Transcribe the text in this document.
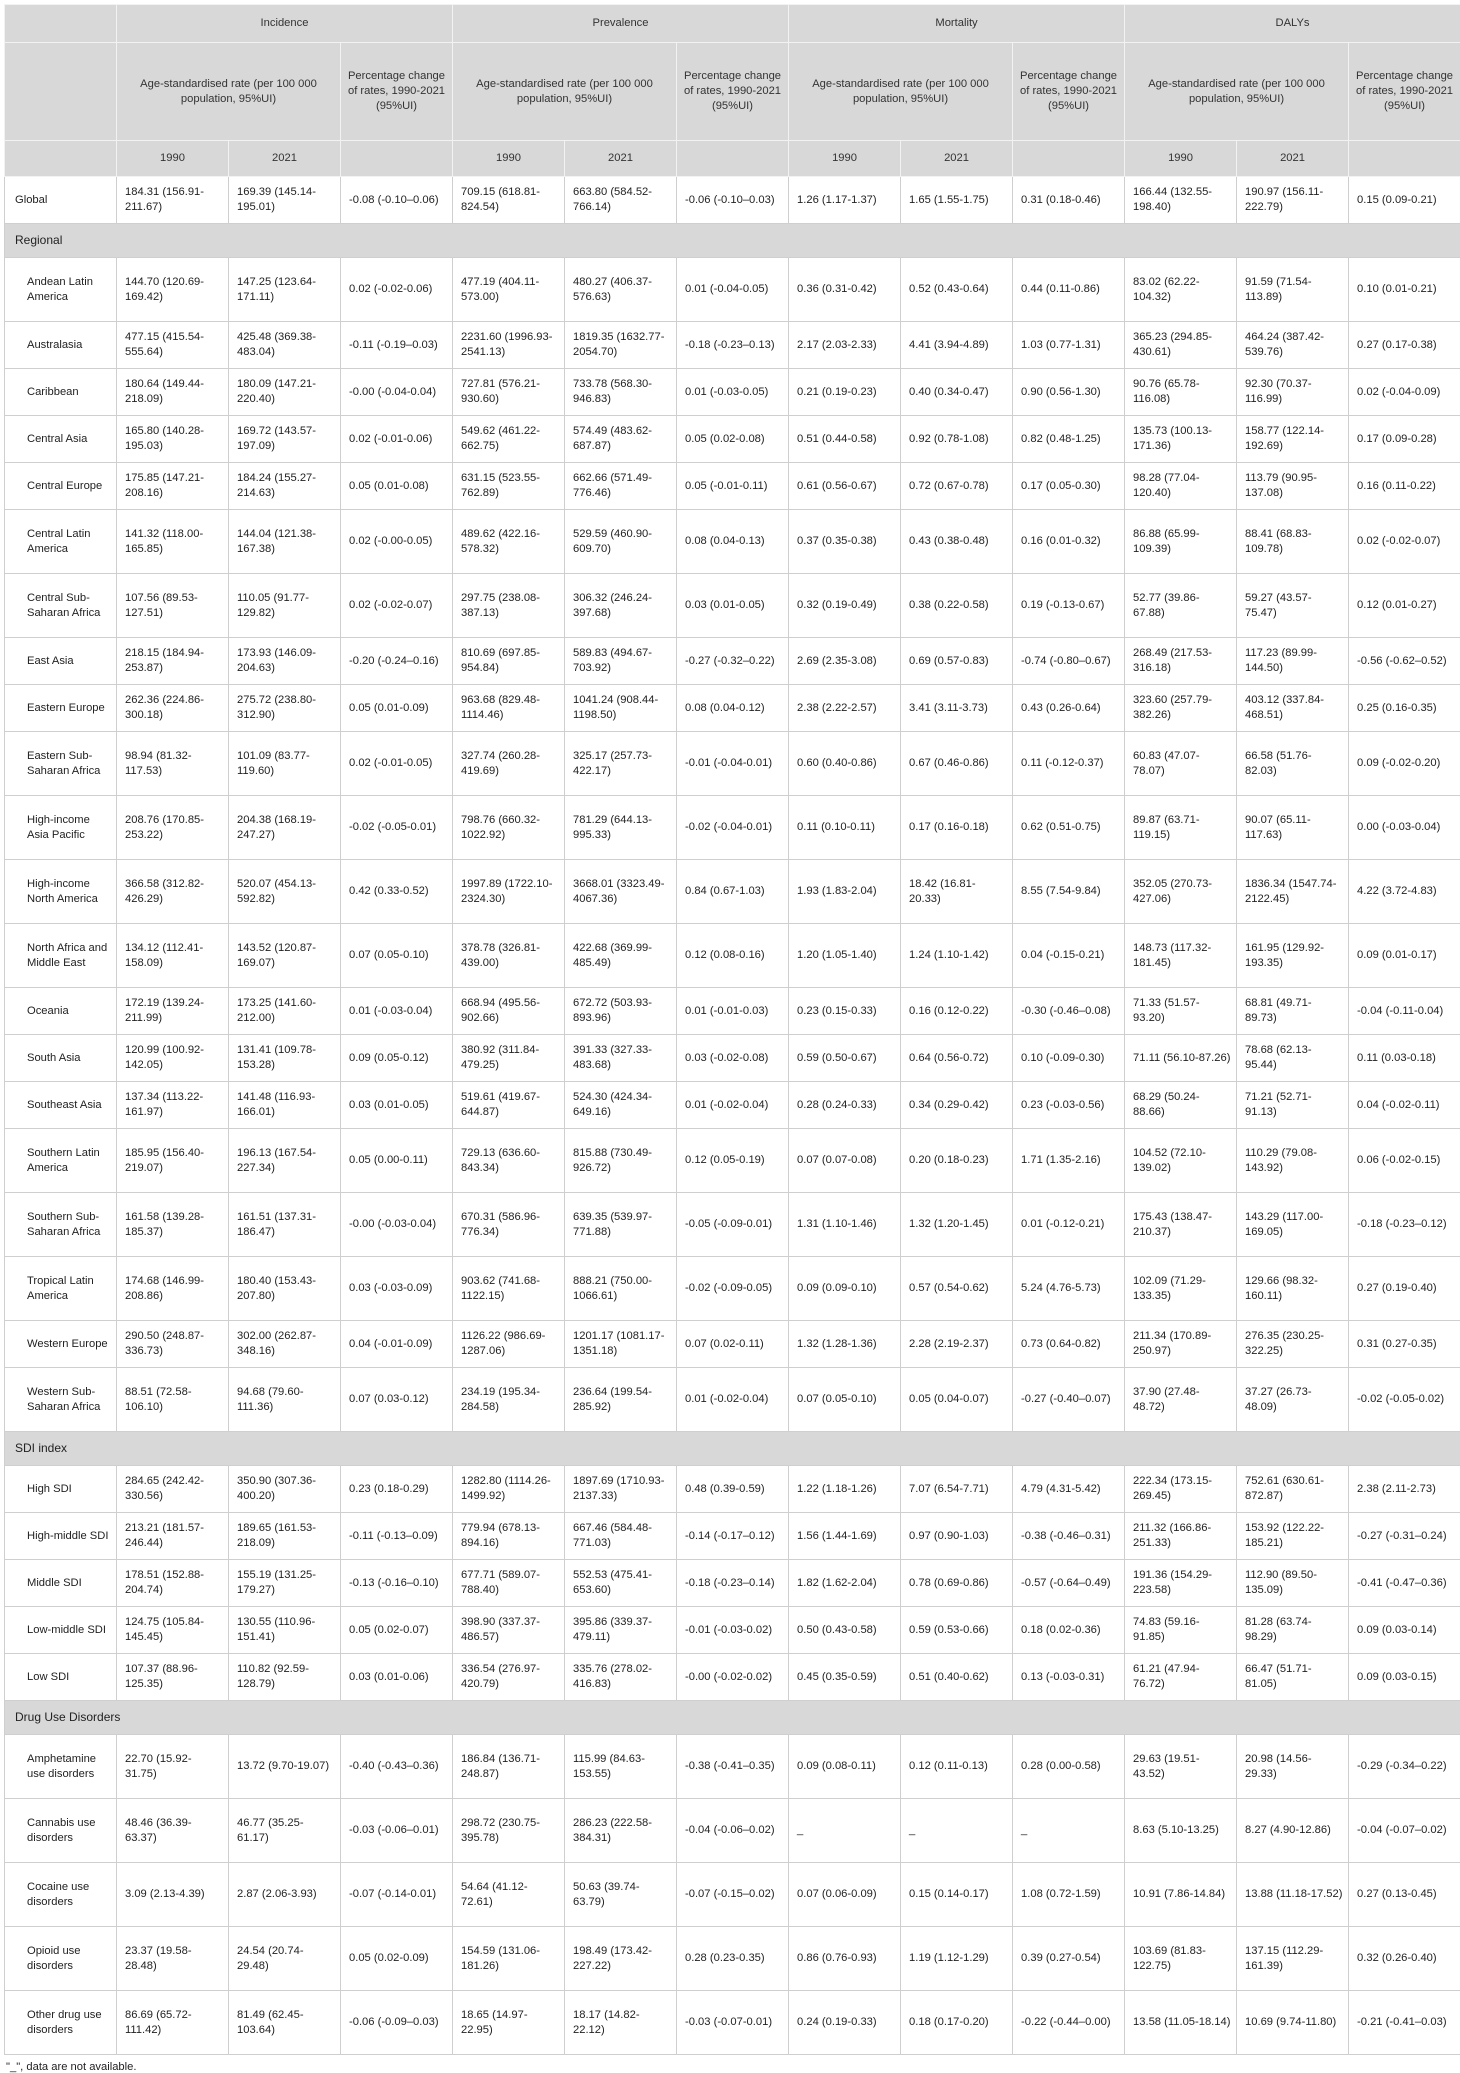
	Incidence			Prevalence			Mortality			DALYs		
	Age-standardised rate (per 100 000 population, 95%UI)		Percentage change of rates, 1990-2021 (95%UI)	Age-standardised rate (per 100 000 population, 95%UI)		Percentage change of rates, 1990-2021 (95%UI)	Age-standardised rate (per 100 000 population, 95%UI)		Percentage change of rates, 1990-2021 (95%UI)	Age-standardised rate (per 100 000 population, 95%UI)		Percentage change of rates, 1990-2021 (95%UI)
	1990	2021		1990	2021		1990	2021		1990	2021	
Global	184.31 (156.91-211.67)	169.39 (145.14-195.01)	-0.08 (-0.10–0.06)	709.15 (618.81-824.54)	663.80 (584.52-766.14)	-0.06 (-0.10–0.03)	1.26 (1.17-1.37)	1.65 (1.55-1.75)	0.31 (0.18-0.46)	166.44 (132.55-198.40)	190.97 (156.11-222.79)	0.15 (0.09-0.21)
Regional												
Andean Latin America	144.70 (120.69-169.42)	147.25 (123.64-171.11)	0.02 (-0.02-0.06)	477.19 (404.11-573.00)	480.27 (406.37-576.63)	0.01 (-0.04-0.05)	0.36 (0.31-0.42)	0.52 (0.43-0.64)	0.44 (0.11-0.86)	83.02 (62.22-104.32)	91.59 (71.54-113.89)	0.10 (0.01-0.21)
Australasia	477.15 (415.54-555.64)	425.48 (369.38-483.04)	-0.11 (-0.19–0.03)	2231.60 (1996.93-2541.13)	1819.35 (1632.77-2054.70)	-0.18 (-0.23–0.13)	2.17 (2.03-2.33)	4.41 (3.94-4.89)	1.03 (0.77-1.31)	365.23 (294.85-430.61)	464.24 (387.42-539.76)	0.27 (0.17-0.38)
Caribbean	180.64 (149.44-218.09)	180.09 (147.21-220.40)	-0.00 (-0.04-0.04)	727.81 (576.21-930.60)	733.78 (568.30-946.83)	0.01 (-0.03-0.05)	0.21 (0.19-0.23)	0.40 (0.34-0.47)	0.90 (0.56-1.30)	90.76 (65.78-116.08)	92.30 (70.37-116.99)	0.02 (-0.04-0.09)
Central Asia	165.80 (140.28-195.03)	169.72 (143.57-197.09)	0.02 (-0.01-0.06)	549.62 (461.22-662.75)	574.49 (483.62-687.87)	0.05 (0.02-0.08)	0.51 (0.44-0.58)	0.92 (0.78-1.08)	0.82 (0.48-1.25)	135.73 (100.13-171.36)	158.77 (122.14-192.69)	0.17 (0.09-0.28)
Central Europe	175.85 (147.21-208.16)	184.24 (155.27-214.63)	0.05 (0.01-0.08)	631.15 (523.55-762.89)	662.66 (571.49-776.46)	0.05 (-0.01-0.11)	0.61 (0.56-0.67)	0.72 (0.67-0.78)	0.17 (0.05-0.30)	98.28 (77.04-120.40)	113.79 (90.95-137.08)	0.16 (0.11-0.22)
Central Latin America	141.32 (118.00-165.85)	144.04 (121.38-167.38)	0.02 (-0.00-0.05)	489.62 (422.16-578.32)	529.59 (460.90-609.70)	0.08 (0.04-0.13)	0.37 (0.35-0.38)	0.43 (0.38-0.48)	0.16 (0.01-0.32)	86.88 (65.99-109.39)	88.41 (68.83-109.78)	0.02 (-0.02-0.07)
Central Sub-Saharan Africa	107.56 (89.53-127.51)	110.05 (91.77-129.82)	0.02 (-0.02-0.07)	297.75 (238.08-387.13)	306.32 (246.24-397.68)	0.03 (0.01-0.05)	0.32 (0.19-0.49)	0.38 (0.22-0.58)	0.19 (-0.13-0.67)	52.77 (39.86-67.88)	59.27 (43.57-75.47)	0.12 (0.01-0.27)
East Asia	218.15 (184.94-253.87)	173.93 (146.09-204.63)	-0.20 (-0.24–0.16)	810.69 (697.85-954.84)	589.83 (494.67-703.92)	-0.27 (-0.32–0.22)	2.69 (2.35-3.08)	0.69 (0.57-0.83)	-0.74 (-0.80–0.67)	268.49 (217.53-316.18)	117.23 (89.99-144.50)	-0.56 (-0.62–0.52)
Eastern Europe	262.36 (224.86-300.18)	275.72 (238.80-312.90)	0.05 (0.01-0.09)	963.68 (829.48-1114.46)	1041.24 (908.44-1198.50)	0.08 (0.04-0.12)	2.38 (2.22-2.57)	3.41 (3.11-3.73)	0.43 (0.26-0.64)	323.60 (257.79-382.26)	403.12 (337.84-468.51)	0.25 (0.16-0.35)
Eastern Sub-Saharan Africa	98.94 (81.32-117.53)	101.09 (83.77-119.60)	0.02 (-0.01-0.05)	327.74 (260.28-419.69)	325.17 (257.73-422.17)	-0.01 (-0.04-0.01)	0.60 (0.40-0.86)	0.67 (0.46-0.86)	0.11 (-0.12-0.37)	60.83 (47.07-78.07)	66.58 (51.76-82.03)	0.09 (-0.02-0.20)
High-income Asia Pacific	208.76 (170.85-253.22)	204.38 (168.19-247.27)	-0.02 (-0.05-0.01)	798.76 (660.32-1022.92)	781.29 (644.13-995.33)	-0.02 (-0.04-0.01)	0.11 (0.10-0.11)	0.17 (0.16-0.18)	0.62 (0.51-0.75)	89.87 (63.71-119.15)	90.07 (65.11-117.63)	0.00 (-0.03-0.04)
High-income North America	366.58 (312.82-426.29)	520.07 (454.13-592.82)	0.42 (0.33-0.52)	1997.89 (1722.10-2324.30)	3668.01 (3323.49-4067.36)	0.84 (0.67-1.03)	1.93 (1.83-2.04)	18.42 (16.81-20.33)	8.55 (7.54-9.84)	352.05 (270.73-427.06)	1836.34 (1547.74-2122.45)	4.22 (3.72-4.83)
North Africa and Middle East	134.12 (112.41-158.09)	143.52 (120.87-169.07)	0.07 (0.05-0.10)	378.78 (326.81-439.00)	422.68 (369.99-485.49)	0.12 (0.08-0.16)	1.20 (1.05-1.40)	1.24 (1.10-1.42)	0.04 (-0.15-0.21)	148.73 (117.32-181.45)	161.95 (129.92-193.35)	0.09 (0.01-0.17)
Oceania	172.19 (139.24-211.99)	173.25 (141.60-212.00)	0.01 (-0.03-0.04)	668.94 (495.56-902.66)	672.72 (503.93-893.96)	0.01 (-0.01-0.03)	0.23 (0.15-0.33)	0.16 (0.12-0.22)	-0.30 (-0.46–0.08)	71.33 (51.57-93.20)	68.81 (49.71-89.73)	-0.04 (-0.11-0.04)
South Asia	120.99 (100.92-142.05)	131.41 (109.78-153.28)	0.09 (0.05-0.12)	380.92 (311.84-479.25)	391.33 (327.33-483.68)	0.03 (-0.02-0.08)	0.59 (0.50-0.67)	0.64 (0.56-0.72)	0.10 (-0.09-0.30)	71.11 (56.10-87.26)	78.68 (62.13-95.44)	0.11 (0.03-0.18)
Southeast Asia	137.34 (113.22-161.97)	141.48 (116.93-166.01)	0.03 (0.01-0.05)	519.61 (419.67-644.87)	524.30 (424.34-649.16)	0.01 (-0.02-0.04)	0.28 (0.24-0.33)	0.34 (0.29-0.42)	0.23 (-0.03-0.56)	68.29 (50.24-88.66)	71.21 (52.71-91.13)	0.04 (-0.02-0.11)
Southern Latin America	185.95 (156.40-219.07)	196.13 (167.54-227.34)	0.05 (0.00-0.11)	729.13 (636.60-843.34)	815.88 (730.49-926.72)	0.12 (0.05-0.19)	0.07 (0.07-0.08)	0.20 (0.18-0.23)	1.71 (1.35-2.16)	104.52 (72.10-139.02)	110.29 (79.08-143.92)	0.06 (-0.02-0.15)
Southern Sub-Saharan Africa	161.58 (139.28-185.37)	161.51 (137.31-186.47)	-0.00 (-0.03-0.04)	670.31 (586.96-776.34)	639.35 (539.97-771.88)	-0.05 (-0.09-0.01)	1.31 (1.10-1.46)	1.32 (1.20-1.45)	0.01 (-0.12-0.21)	175.43 (138.47-210.37)	143.29 (117.00-169.05)	-0.18 (-0.23–0.12)
Tropical Latin America	174.68 (146.99-208.86)	180.40 (153.43-207.80)	0.03 (-0.03-0.09)	903.62 (741.68-1122.15)	888.21 (750.00-1066.61)	-0.02 (-0.09-0.05)	0.09 (0.09-0.10)	0.57 (0.54-0.62)	5.24 (4.76-5.73)	102.09 (71.29-133.35)	129.66 (98.32-160.11)	0.27 (0.19-0.40)
Western Europe	290.50 (248.87-336.73)	302.00 (262.87-348.16)	0.04 (-0.01-0.09)	1126.22 (986.69-1287.06)	1201.17 (1081.17-1351.18)	0.07 (0.02-0.11)	1.32 (1.28-1.36)	2.28 (2.19-2.37)	0.73 (0.64-0.82)	211.34 (170.89-250.97)	276.35 (230.25-322.25)	0.31 (0.27-0.35)
Western Sub-Saharan Africa	88.51 (72.58-106.10)	94.68 (79.60-111.36)	0.07 (0.03-0.12)	234.19 (195.34-284.58)	236.64 (199.54-285.92)	0.01 (-0.02-0.04)	0.07 (0.05-0.10)	0.05 (0.04-0.07)	-0.27 (-0.40–0.07)	37.90 (27.48-48.72)	37.27 (26.73-48.09)	-0.02 (-0.05-0.02)
SDI index												
High SDI	284.65 (242.42-330.56)	350.90 (307.36-400.20)	0.23 (0.18-0.29)	1282.80 (1114.26-1499.92)	1897.69 (1710.93-2137.33)	0.48 (0.39-0.59)	1.22 (1.18-1.26)	7.07 (6.54-7.71)	4.79 (4.31-5.42)	222.34 (173.15-269.45)	752.61 (630.61-872.87)	2.38 (2.11-2.73)
High-middle SDI	213.21 (181.57-246.44)	189.65 (161.53-218.09)	-0.11 (-0.13–0.09)	779.94 (678.13-894.16)	667.46 (584.48-771.03)	-0.14 (-0.17–0.12)	1.56 (1.44-1.69)	0.97 (0.90-1.03)	-0.38 (-0.46–0.31)	211.32 (166.86-251.33)	153.92 (122.22-185.21)	-0.27 (-0.31–0.24)
Middle SDI	178.51 (152.88-204.74)	155.19 (131.25-179.27)	-0.13 (-0.16–0.10)	677.71 (589.07-788.40)	552.53 (475.41-653.60)	-0.18 (-0.23–0.14)	1.82 (1.62-2.04)	0.78 (0.69-0.86)	-0.57 (-0.64–0.49)	191.36 (154.29-223.58)	112.90 (89.50-135.09)	-0.41 (-0.47–0.36)
Low-middle SDI	124.75 (105.84-145.45)	130.55 (110.96-151.41)	0.05 (0.02-0.07)	398.90 (337.37-486.57)	395.86 (339.37-479.11)	-0.01 (-0.03-0.02)	0.50 (0.43-0.58)	0.59 (0.53-0.66)	0.18 (0.02-0.36)	74.83 (59.16-91.85)	81.28 (63.74-98.29)	0.09 (0.03-0.14)
Low SDI	107.37 (88.96-125.35)	110.82 (92.59-128.79)	0.03 (0.01-0.06)	336.54 (276.97-420.79)	335.76 (278.02-416.83)	-0.00 (-0.02-0.02)	0.45 (0.35-0.59)	0.51 (0.40-0.62)	0.13 (-0.03-0.31)	61.21 (47.94-76.72)	66.47 (51.71-81.05)	0.09 (0.03-0.15)
Drug Use Disorders												
Amphetamine use disorders	22.70 (15.92-31.75)	13.72 (9.70-19.07)	-0.40 (-0.43–0.36)	186.84 (136.71-248.87)	115.99 (84.63-153.55)	-0.38 (-0.41–0.35)	0.09 (0.08-0.11)	0.12 (0.11-0.13)	0.28 (0.00-0.58)	29.63 (19.51-43.52)	20.98 (14.56-29.33)	-0.29 (-0.34–0.22)
Cannabis use disorders	48.46 (36.39-63.37)	46.77 (35.25-61.17)	-0.03 (-0.06–0.01)	298.72 (230.75-395.78)	286.23 (222.58-384.31)	-0.04 (-0.06–0.02)	_	_	_	8.63 (5.10-13.25)	8.27 (4.90-12.86)	-0.04 (-0.07–0.02)
Cocaine use disorders	3.09 (2.13-4.39)	2.87 (2.06-3.93)	-0.07 (-0.14-0.01)	54.64 (41.12-72.61)	50.63 (39.74-63.79)	-0.07 (-0.15–0.02)	0.07 (0.06-0.09)	0.15 (0.14-0.17)	1.08 (0.72-1.59)	10.91 (7.86-14.84)	13.88 (11.18-17.52)	0.27 (0.13-0.45)
Opioid use disorders	23.37 (19.58-28.48)	24.54 (20.74-29.48)	0.05 (0.02-0.09)	154.59 (131.06-181.26)	198.49 (173.42-227.22)	0.28 (0.23-0.35)	0.86 (0.76-0.93)	1.19 (1.12-1.29)	0.39 (0.27-0.54)	103.69 (81.83-122.75)	137.15 (112.29-161.39)	0.32 (0.26-0.40)
Other drug use disorders	86.69 (65.72-111.42)	81.49 (62.45-103.64)	-0.06 (-0.09–0.03)	18.65 (14.97-22.95)	18.17 (14.82-22.12)	-0.03 (-0.07-0.01)	0.24 (0.19-0.33)	0.18 (0.17-0.20)	-0.22 (-0.44–0.00)	13.58 (11.05-18.14)	10.69 (9.74-11.80)	-0.21 (-0.41–0.03)
"_", data are not available.
